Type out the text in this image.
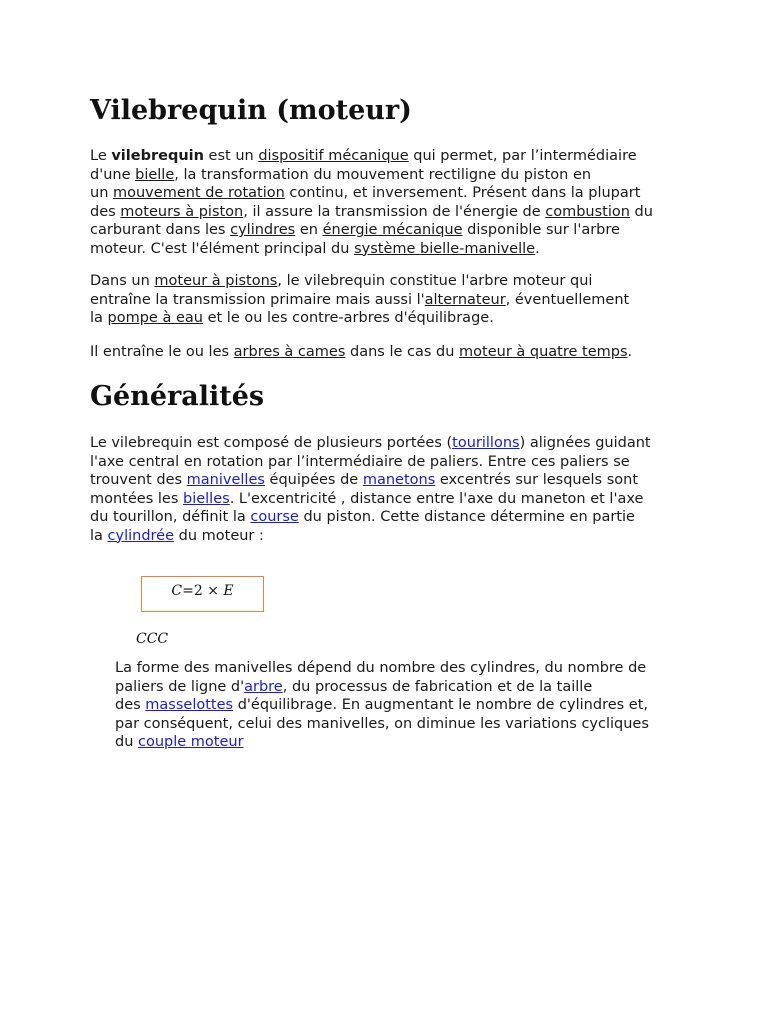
Vilebrequin (moteur)

Le vilebrequin est un dispositif mécanique qui permet, par l’intermédiaire
d'une bielle, la transformation du mouvement rectiligne du piston en
un mouvement de rotation continu, et inversement. Présent dans la plupart
des moteurs à piston, il assure la transmission de l'énergie de combustion du
carburant dans les cylindres en énergie mécanique disponible sur l'arbre
moteur. C'est l'élément principal du système bielle-manivelle.

Dans un moteur à pistons, le vilebrequin constitue l'arbre moteur qui
entraîne la transmission primaire mais aussi l'alternateur, éventuellement
la pompe à eau et le ou les contre-arbres d'équilibrage.

Il entraîne le ou les arbres à cames dans le cas du moteur à quatre temps.

Généralités

Le vilebrequin est composé de plusieurs portées (tourillons) alignées guidant
l'axe central en rotation par l’intermédiaire de paliers. Entre ces paliers se
trouvent des manivelles équipées de manetons excentrés sur lesquels sont
montées les bielles. L'excentricité , distance entre l'axe du maneton et l'axe
du tourillon, définit la course du piston. Cette distance détermine en partie
la cylindrée du moteur :

C=2 × E
CCC

La forme des manivelles dépend du nombre des cylindres, du nombre de
paliers de ligne d'arbre, du processus de fabrication et de la taille
des masselottes d'équilibrage. En augmentant le nombre de cylindres et,
par conséquent, celui des manivelles, on diminue les variations cycliques
du couple moteur
